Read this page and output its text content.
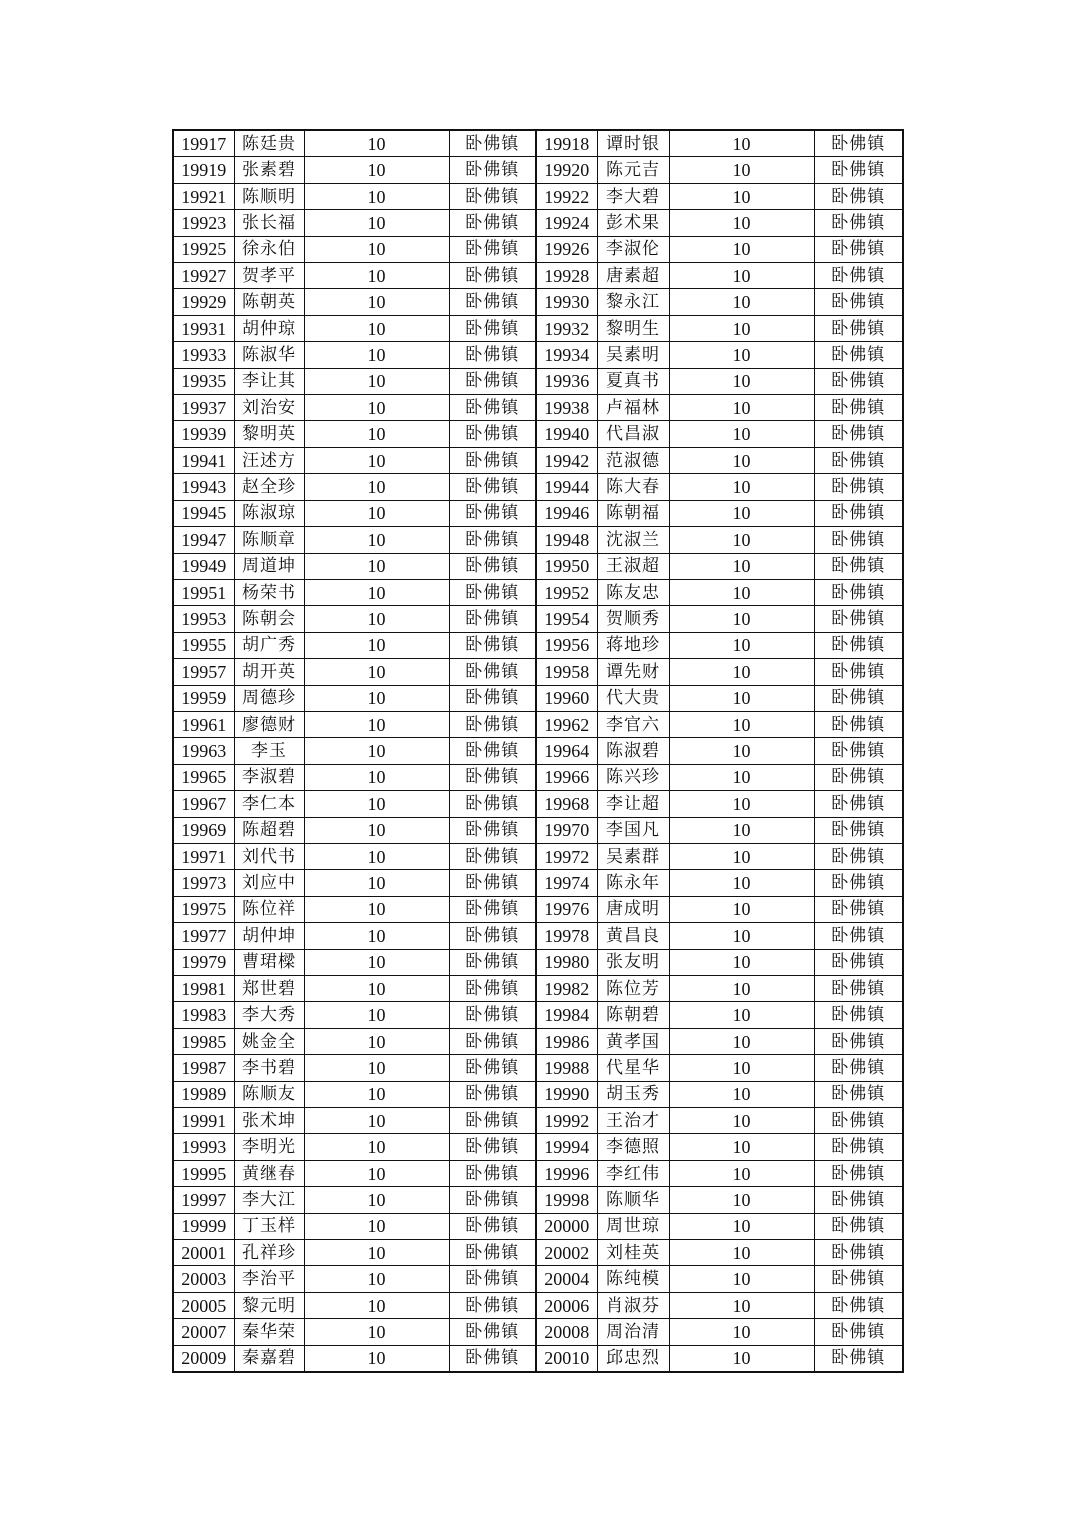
19917	陈廷贵	10	卧佛镇	19918	谭时银	10	卧佛镇
19919	张素碧	10	卧佛镇	19920	陈元吉	10	卧佛镇
19921	陈顺明	10	卧佛镇	19922	李大碧	10	卧佛镇
19923	张长福	10	卧佛镇	19924	彭术果	10	卧佛镇
19925	徐永伯	10	卧佛镇	19926	李淑伦	10	卧佛镇
19927	贺孝平	10	卧佛镇	19928	唐素超	10	卧佛镇
19929	陈朝英	10	卧佛镇	19930	黎永江	10	卧佛镇
19931	胡仲琼	10	卧佛镇	19932	黎明生	10	卧佛镇
19933	陈淑华	10	卧佛镇	19934	吴素明	10	卧佛镇
19935	李让其	10	卧佛镇	19936	夏真书	10	卧佛镇
19937	刘治安	10	卧佛镇	19938	卢福林	10	卧佛镇
19939	黎明英	10	卧佛镇	19940	代昌淑	10	卧佛镇
19941	汪述方	10	卧佛镇	19942	范淑德	10	卧佛镇
19943	赵全珍	10	卧佛镇	19944	陈大春	10	卧佛镇
19945	陈淑琼	10	卧佛镇	19946	陈朝福	10	卧佛镇
19947	陈顺章	10	卧佛镇	19948	沈淑兰	10	卧佛镇
19949	周道坤	10	卧佛镇	19950	王淑超	10	卧佛镇
19951	杨荣书	10	卧佛镇	19952	陈友忠	10	卧佛镇
19953	陈朝会	10	卧佛镇	19954	贺顺秀	10	卧佛镇
19955	胡广秀	10	卧佛镇	19956	蒋地珍	10	卧佛镇
19957	胡开英	10	卧佛镇	19958	谭先财	10	卧佛镇
19959	周德珍	10	卧佛镇	19960	代大贵	10	卧佛镇
19961	廖德财	10	卧佛镇	19962	李官六	10	卧佛镇
19963	李玉	10	卧佛镇	19964	陈淑碧	10	卧佛镇
19965	李淑碧	10	卧佛镇	19966	陈兴珍	10	卧佛镇
19967	李仁本	10	卧佛镇	19968	李让超	10	卧佛镇
19969	陈超碧	10	卧佛镇	19970	李国凡	10	卧佛镇
19971	刘代书	10	卧佛镇	19972	吴素群	10	卧佛镇
19973	刘应中	10	卧佛镇	19974	陈永年	10	卧佛镇
19975	陈位祥	10	卧佛镇	19976	唐成明	10	卧佛镇
19977	胡仲坤	10	卧佛镇	19978	黄昌良	10	卧佛镇
19979	曹珺樑	10	卧佛镇	19980	张友明	10	卧佛镇
19981	郑世碧	10	卧佛镇	19982	陈位芳	10	卧佛镇
19983	李大秀	10	卧佛镇	19984	陈朝碧	10	卧佛镇
19985	姚金全	10	卧佛镇	19986	黄孝国	10	卧佛镇
19987	李书碧	10	卧佛镇	19988	代星华	10	卧佛镇
19989	陈顺友	10	卧佛镇	19990	胡玉秀	10	卧佛镇
19991	张术坤	10	卧佛镇	19992	王治才	10	卧佛镇
19993	李明光	10	卧佛镇	19994	李德照	10	卧佛镇
19995	黄继春	10	卧佛镇	19996	李红伟	10	卧佛镇
19997	李大江	10	卧佛镇	19998	陈顺华	10	卧佛镇
19999	丁玉样	10	卧佛镇	20000	周世琼	10	卧佛镇
20001	孔祥珍	10	卧佛镇	20002	刘桂英	10	卧佛镇
20003	李治平	10	卧佛镇	20004	陈纯模	10	卧佛镇
20005	黎元明	10	卧佛镇	20006	肖淑芬	10	卧佛镇
20007	秦华荣	10	卧佛镇	20008	周治清	10	卧佛镇
20009	秦嘉碧	10	卧佛镇	20010	邱忠烈	10	卧佛镇
